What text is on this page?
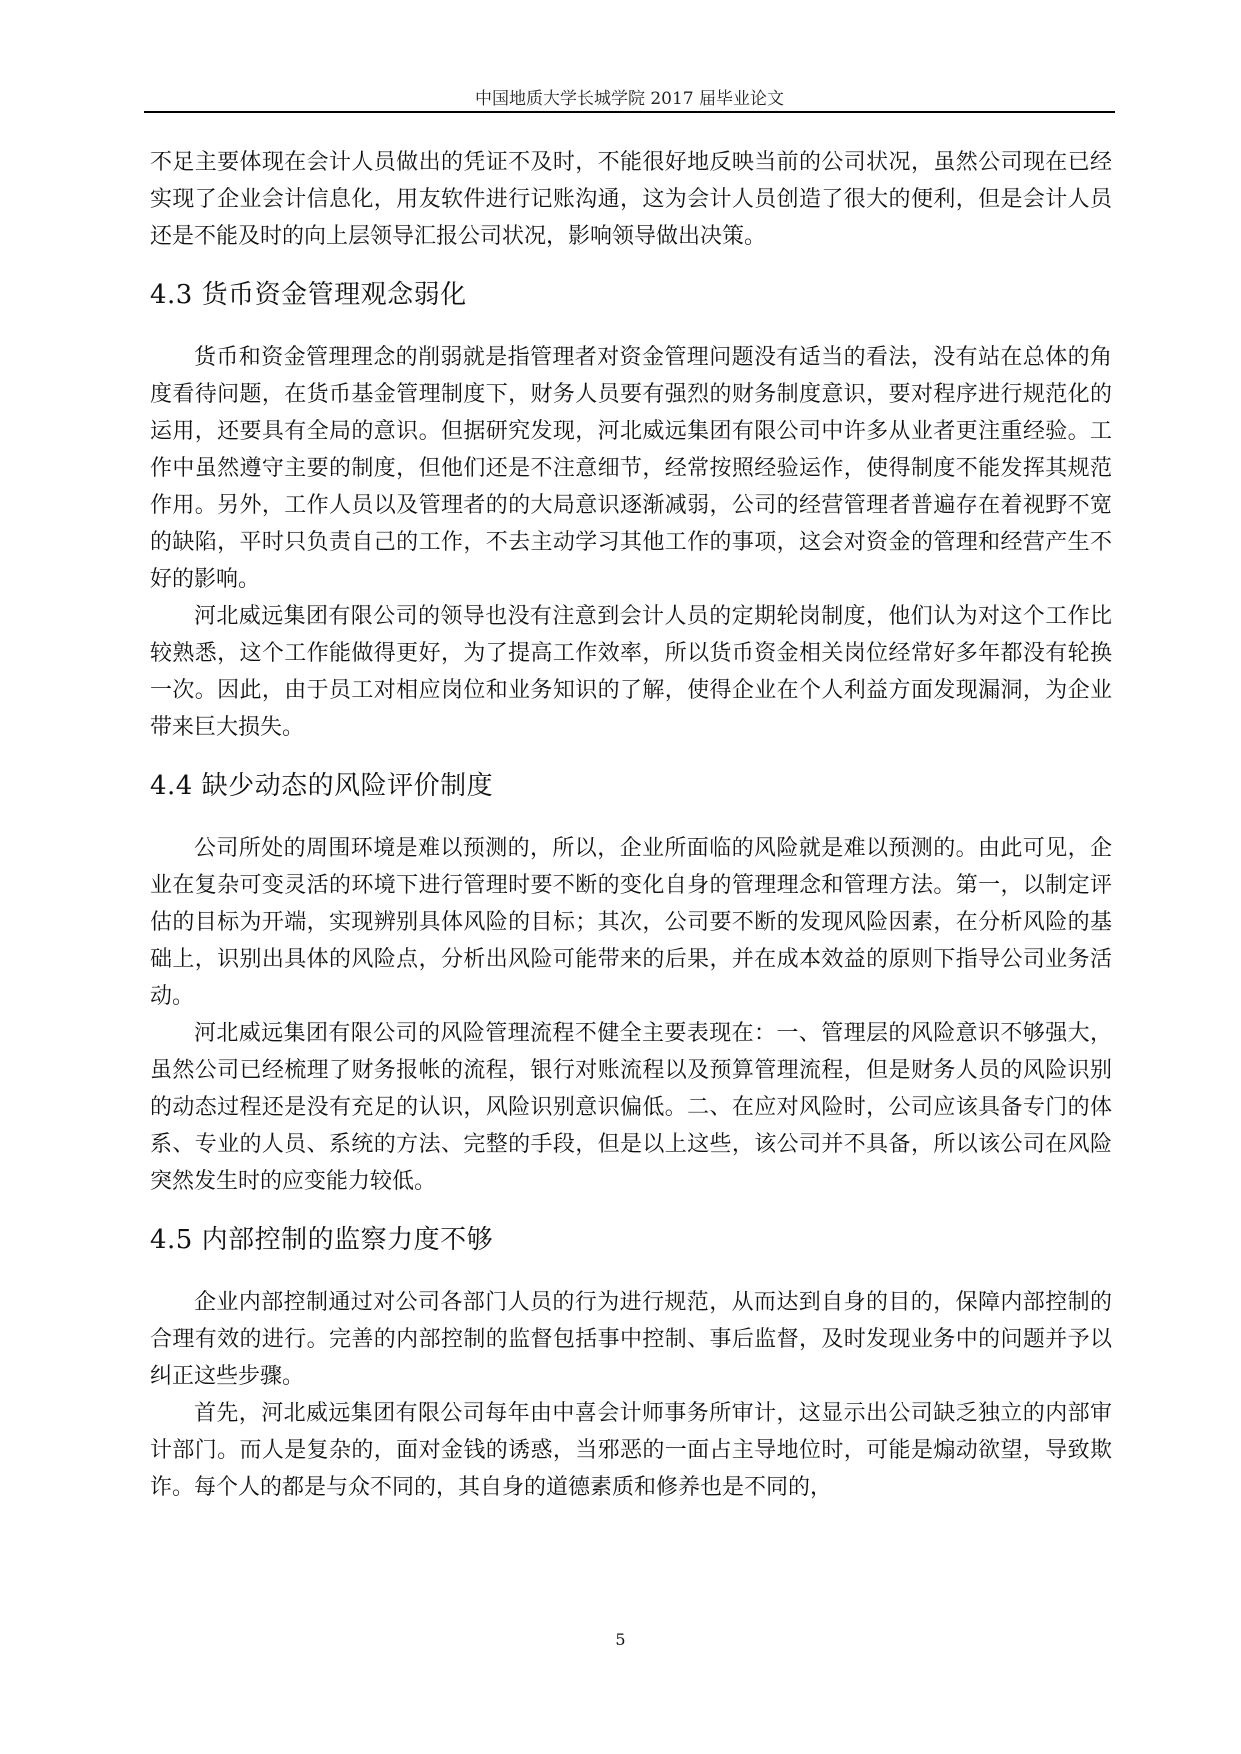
中国地质大学长城学院 2017 届毕业论文

不足主要体现在会计人员做出的凭证不及时，不能很好地反映当前的公司状况，虽然公司现在已经实现了企业会计信息化，用友软件进行记账沟通，这为会计人员创造了很大的便利，但是会计人员还是不能及时的向上层领导汇报公司状况，影响领导做出决策。

4.3 货币资金管理观念弱化

货币和资金管理理念的削弱就是指管理者对资金管理问题没有适当的看法，没有站在总体的角度看待问题，在货币基金管理制度下，财务人员要有强烈的财务制度意识，要对程序进行规范化的运用，还要具有全局的意识。但据研究发现，河北威远集团有限公司中许多从业者更注重经验。工作中虽然遵守主要的制度，但他们还是不注意细节，经常按照经验运作，使得制度不能发挥其规范作用。另外，工作人员以及管理者的的大局意识逐渐减弱，公司的经营管理者普遍存在着视野不宽的缺陷，平时只负责自己的工作，不去主动学习其他工作的事项，这会对资金的管理和经营产生不好的影响。

河北威远集团有限公司的领导也没有注意到会计人员的定期轮岗制度，他们认为对这个工作比较熟悉，这个工作能做得更好，为了提高工作效率，所以货币资金相关岗位经常好多年都没有轮换一次。因此，由于员工对相应岗位和业务知识的了解，使得企业在个人利益方面发现漏洞，为企业带来巨大损失。

4.4 缺少动态的风险评价制度

公司所处的周围环境是难以预测的，所以，企业所面临的风险就是难以预测的。由此可见，企业在复杂可变灵活的环境下进行管理时要不断的变化自身的管理理念和管理方法。第一，以制定评估的目标为开端，实现辨别具体风险的目标；其次，公司要不断的发现风险因素，在分析风险的基础上，识别出具体的风险点，分析出风险可能带来的后果，并在成本效益的原则下指导公司业务活动。

河北威远集团有限公司的风险管理流程不健全主要表现在：一、管理层的风险意识不够强大，虽然公司已经梳理了财务报帐的流程，银行对账流程以及预算管理流程，但是财务人员的风险识别的动态过程还是没有充足的认识，风险识别意识偏低。二、在应对风险时，公司应该具备专门的体系、专业的人员、系统的方法、完整的手段，但是以上这些，该公司并不具备，所以该公司在风险突然发生时的应变能力较低。

4.5 内部控制的监察力度不够

企业内部控制通过对公司各部门人员的行为进行规范，从而达到自身的目的，保障内部控制的合理有效的进行。完善的内部控制的监督包括事中控制、事后监督，及时发现业务中的问题并予以纠正这些步骤。

首先，河北威远集团有限公司每年由中喜会计师事务所审计，这显示出公司缺乏独立的内部审计部门。而人是复杂的，面对金钱的诱惑，当邪恶的一面占主导地位时，可能是煽动欲望，导致欺诈。每个人的都是与众不同的，其自身的道德素质和修养也是不同的，

5
